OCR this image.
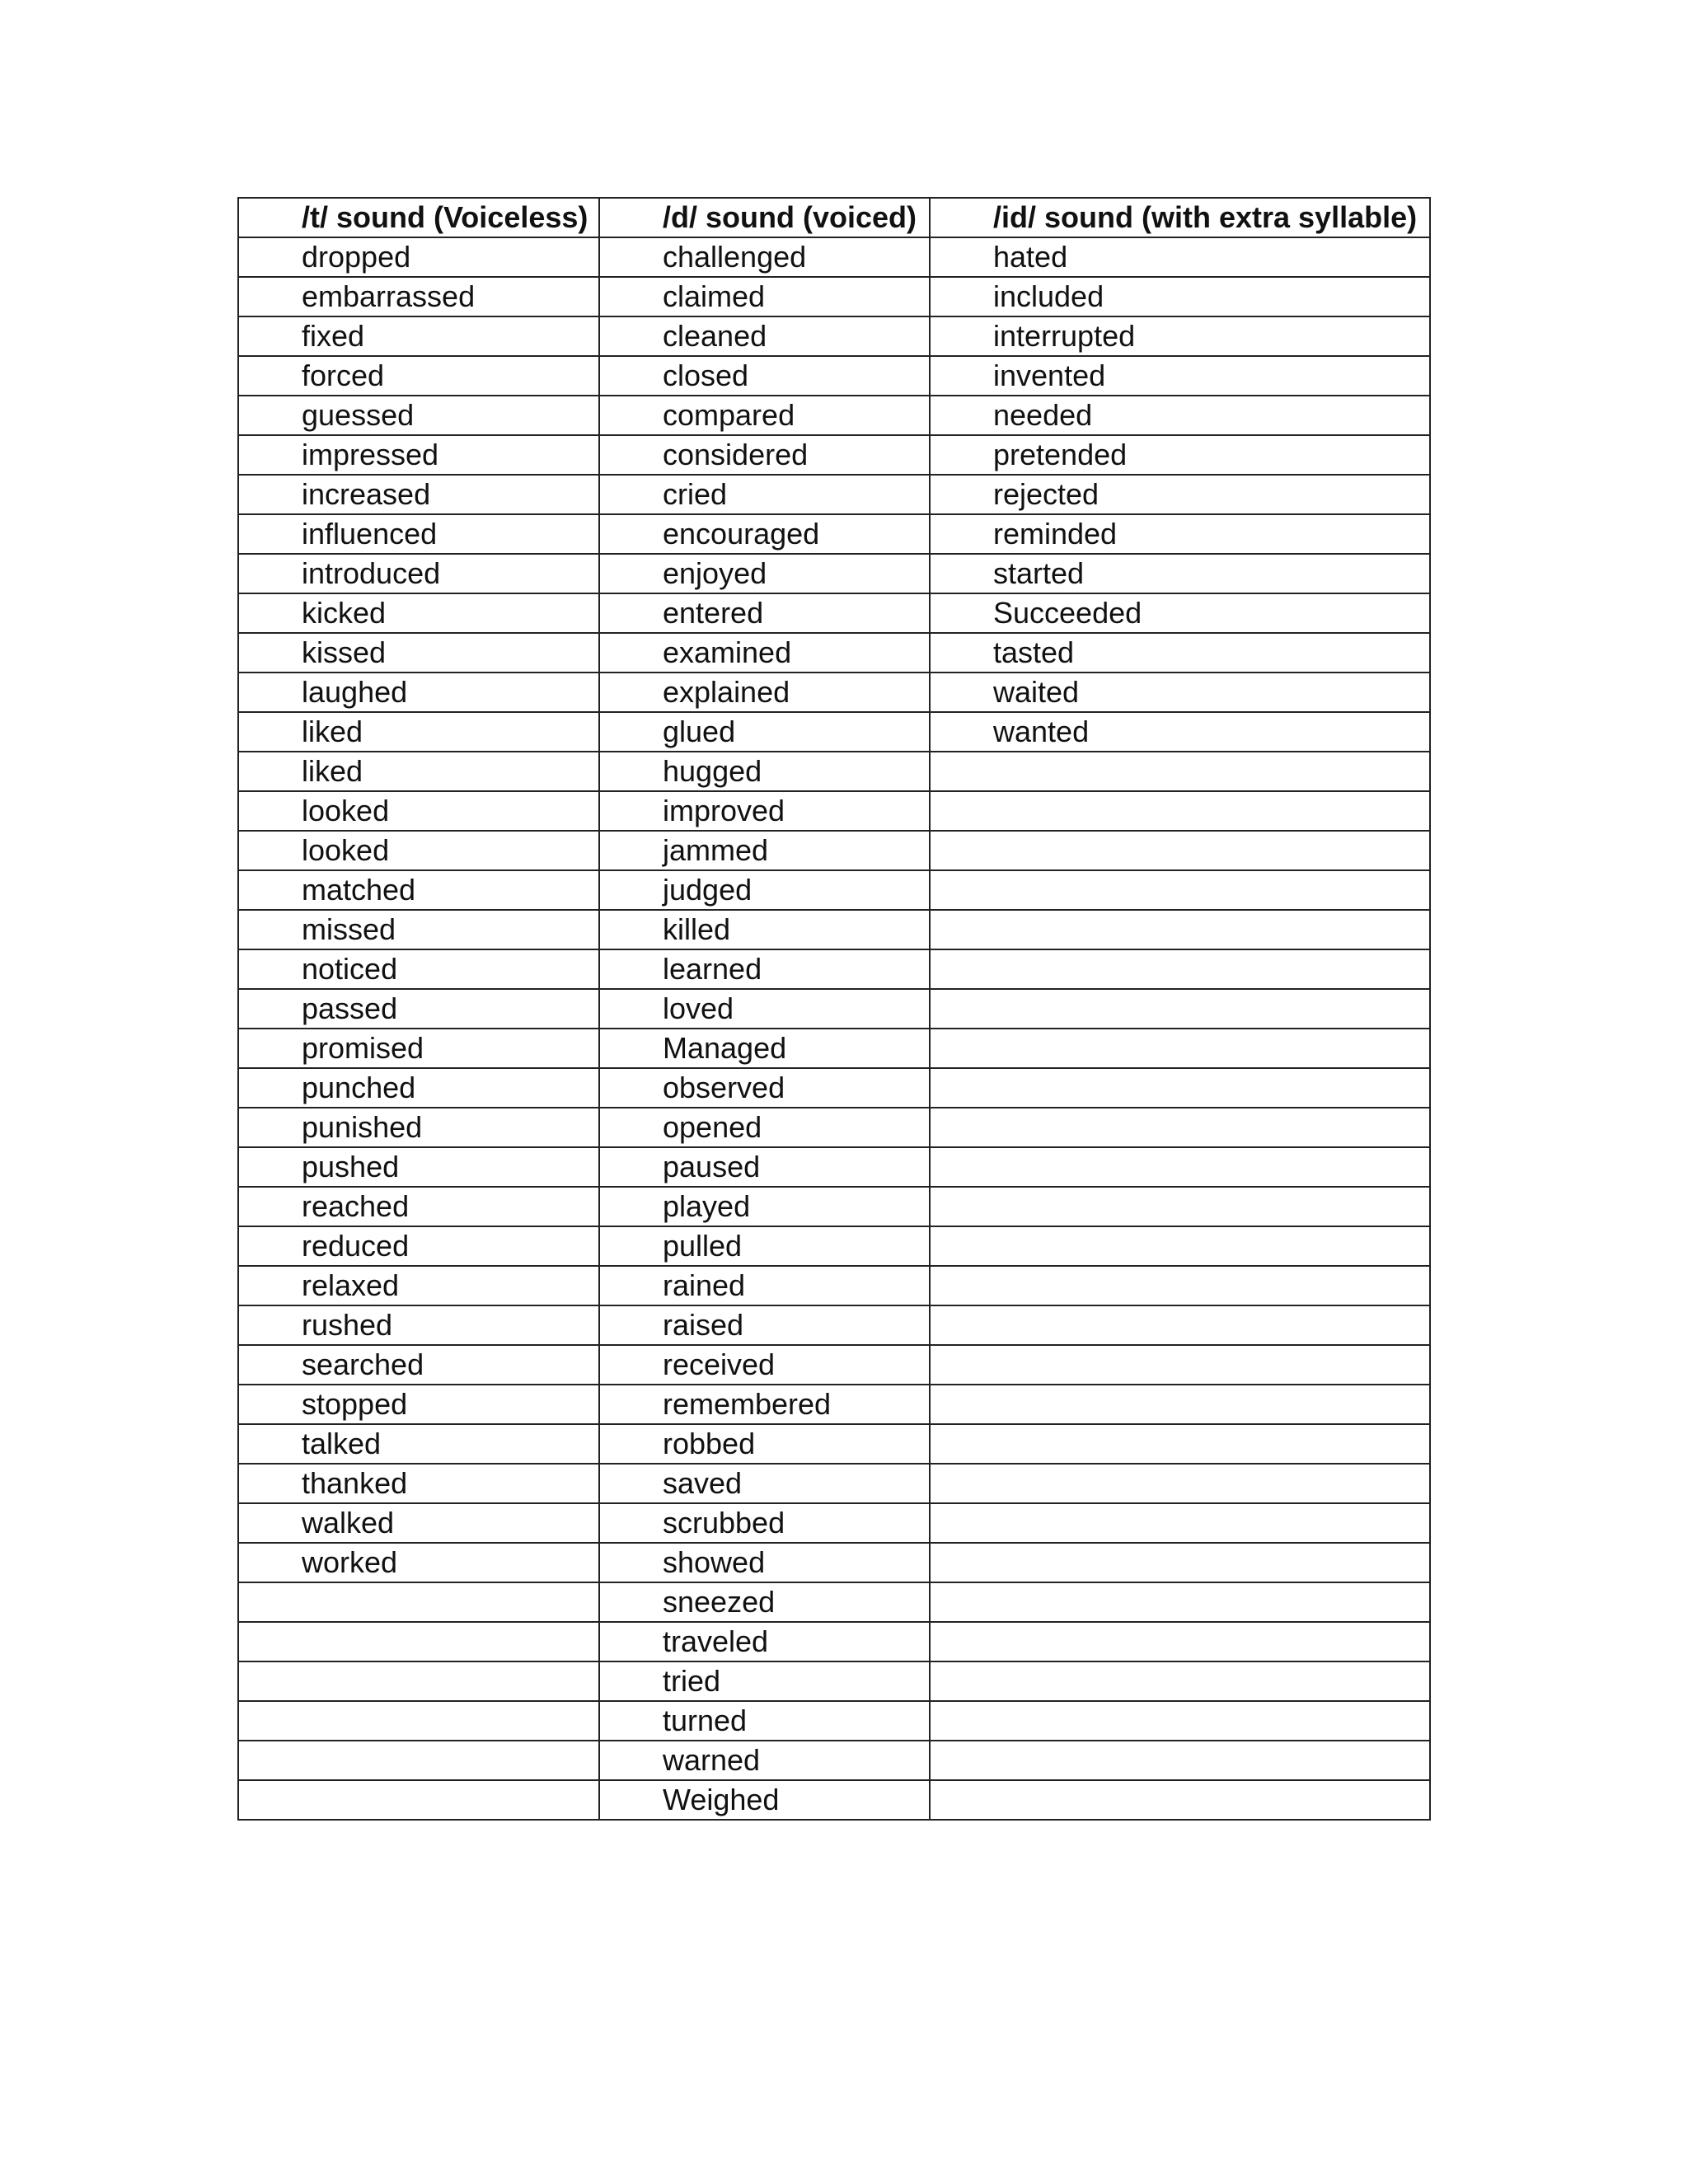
/t/ sound (Voiceless)	/d/ sound (voiced)	/id/ sound (with extra syllable)
dropped	challenged	hated
embarrassed	claimed	included
fixed	cleaned	interrupted
forced	closed	invented
guessed	compared	needed
impressed	considered	pretended
increased	cried	rejected
influenced	encouraged	reminded
introduced	enjoyed	started
kicked	entered	Succeeded
kissed	examined	tasted
laughed	explained	waited
liked	glued	wanted
liked	hugged	
looked	improved	
looked	jammed	
matched	judged	
missed	killed	
noticed	learned	
passed	loved	
promised	Managed	
punched	observed	
punished	opened	
pushed	paused	
reached	played	
reduced	pulled	
relaxed	rained	
rushed	raised	
searched	received	
stopped	remembered	
talked	robbed	
thanked	saved	
walked	scrubbed	
worked	showed	
	sneezed	
	traveled	
	tried	
	turned	
	warned	
	Weighed	
